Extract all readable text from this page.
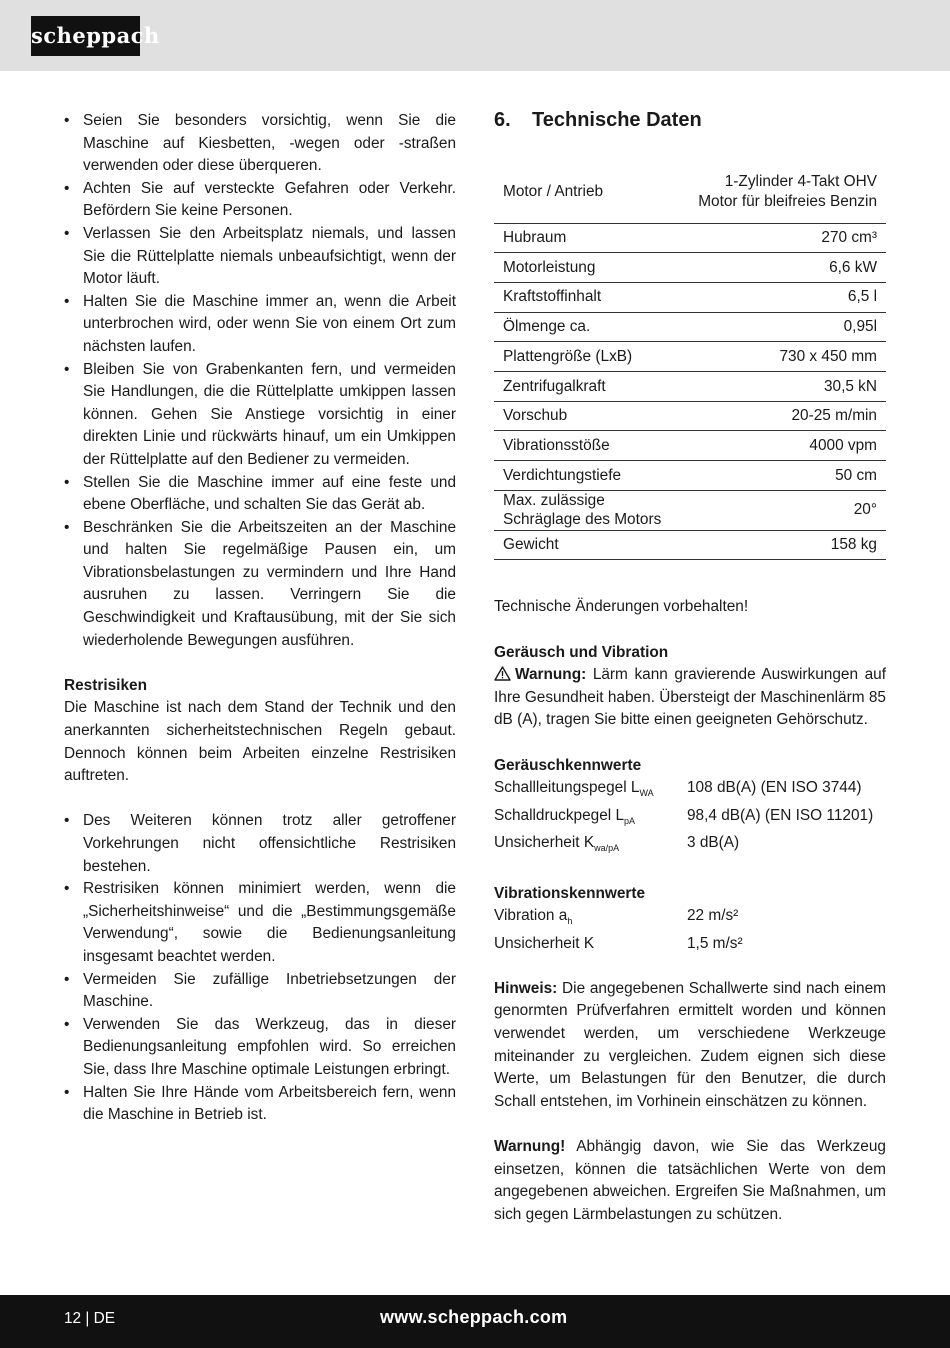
scheppach
• Seien Sie besonders vorsichtig, wenn Sie die Maschine auf Kiesbetten, -wegen oder -straßen verwenden oder diese überqueren.
• Achten Sie auf versteckte Gefahren oder Verkehr. Befördern Sie keine Personen.
• Verlassen Sie den Arbeitsplatz niemals, und lassen Sie die Rüttelplatte niemals unbeaufsichtigt, wenn der Motor läuft.
• Halten Sie die Maschine immer an, wenn die Arbeit unterbrochen wird, oder wenn Sie von einem Ort zum nächsten laufen.
• Bleiben Sie von Grabenkanten fern, und vermeiden Sie Handlungen, die die Rüttelplatte umkippen lassen können. Gehen Sie Anstiege vorsichtig in einer direkten Linie und rückwärts hinauf, um ein Umkippen der Rüttelplatte auf den Bediener zu vermeiden.
• Stellen Sie die Maschine immer auf eine feste und ebene Oberfläche, und schalten Sie das Gerät ab.
• Beschränken Sie die Arbeitszeiten an der Maschine und halten Sie regelmäßige Pausen ein, um Vibrationsbelastungen zu vermindern und Ihre Hand ausruhen zu lassen. Verringern Sie die Geschwindigkeit und Kraftausübung, mit der Sie sich wiederholende Bewegungen ausführen.
Restrisiken
Die Maschine ist nach dem Stand der Technik und den anerkannten sicherheitstechnischen Regeln gebaut. Dennoch können beim Arbeiten einzelne Restrisiken auftreten.
• Des Weiteren können trotz aller getroffener Vorkehrungen nicht offensichtliche Restrisiken bestehen.
• Restrisiken können minimiert werden, wenn die „Sicherheitshinweise“ und die „Bestimmungsgemäße Verwendung“, sowie die Bedienungsanleitung insgesamt beachtet werden.
• Vermeiden Sie zufällige Inbetriebsetzungen der Maschine.
• Verwenden Sie das Werkzeug, das in dieser Bedienungsanleitung empfohlen wird. So erreichen Sie, dass Ihre Maschine optimale Leistungen erbringt.
• Halten Sie Ihre Hände vom Arbeitsbereich fern, wenn die Maschine in Betrieb ist.
6. Technische Daten
Motor / Antrieb	1-Zylinder 4-Takt OHV Motor für bleifreies Benzin
Hubraum	270 cm³
Motorleistung	6,6 kW
Kraftstoffinhalt	6,5 l
Ölmenge ca.	0,95l
Plattengröße (LxB)	730 x 450 mm
Zentrifugalkraft	30,5 kN
Vorschub	20-25 m/min
Vibrationsstöße	4000 vpm
Verdichtungstiefe	50 cm
Max. zulässige Schräglage des Motors	20°
Gewicht	158 kg
Technische Änderungen vorbehalten!
Geräusch und Vibration
Warnung: Lärm kann gravierende Auswirkungen auf Ihre Gesundheit haben. Übersteigt der Maschinenlärm 85 dB (A), tragen Sie bitte einen geeigneten Gehörschutz.
Geräuschkennwerte
Schallleitungspegel $L_{WA}$	108 dB(A) (EN ISO 3744)
Schalldruckpegel $L_{pA}$	98,4 dB(A) (EN ISO 11201)
Unsicherheit $K_{wa/pA}$	3 dB(A)
Vibrationskennwerte
Vibration $a_h$	22 m/s²
Unsicherheit K	1,5 m/s²
Hinweis: Die angegebenen Schallwerte sind nach einem genormten Prüfverfahren ermittelt worden und können verwendet werden, um verschiedene Werkzeuge miteinander zu vergleichen. Zudem eignen sich diese Werte, um Belastungen für den Benutzer, die durch Schall entstehen, im Vorhinein einschätzen zu können.
Warnung! Abhängig davon, wie Sie das Werkzeug einsetzen, können die tatsächlichen Werte von dem angegebenen abweichen. Ergreifen Sie Maßnahmen, um sich gegen Lärmbelastungen zu schützen.
12 | DE	www.scheppach.com
